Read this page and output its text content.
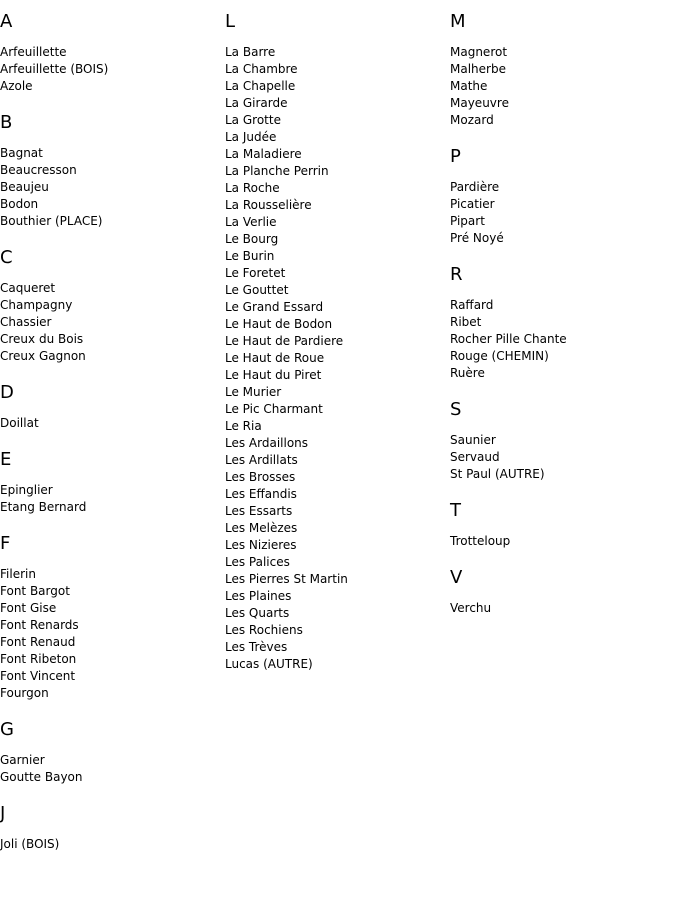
A
Arfeuillette
Arfeuillette (BOIS)
Azole
B
Bagnat
Beaucresson
Beaujeu
Bodon
Bouthier (PLACE)
C
Caqueret
Champagny
Chassier
Creux du Bois
Creux Gagnon
D
Doillat
E
Epinglier
Etang Bernard
F
Filerin
Font Bargot
Font Gise
Font Renards
Font Renaud
Font Ribeton
Font Vincent
Fourgon
G
Garnier
Goutte Bayon
J
Joli (BOIS)
L
La Barre
La Chambre
La Chapelle
La Girarde
La Grotte
La Judée
La Maladiere
La Planche Perrin
La Roche
La Rousselière
La Verlie
Le Bourg
Le Burin
Le Foretet
Le Gouttet
Le Grand Essard
Le Haut de Bodon
Le Haut de Pardiere
Le Haut de Roue
Le Haut du Piret
Le Murier
Le Pic Charmant
Le Ria
Les Ardaillons
Les Ardillats
Les Brosses
Les Effandis
Les Essarts
Les Melèzes
Les Nizieres
Les Palices
Les Pierres St Martin
Les Plaines
Les Quarts
Les Rochiens
Les Trèves
Lucas (AUTRE)
M
Magnerot
Malherbe
Mathe
Mayeuvre
Mozard
P
Pardière
Picatier
Pipart
Pré Noyé
R
Raffard
Ribet
Rocher Pille Chante
Rouge (CHEMIN)
Ruère
S
Saunier
Servaud
St Paul (AUTRE)
T
Trotteloup
V
Verchu
